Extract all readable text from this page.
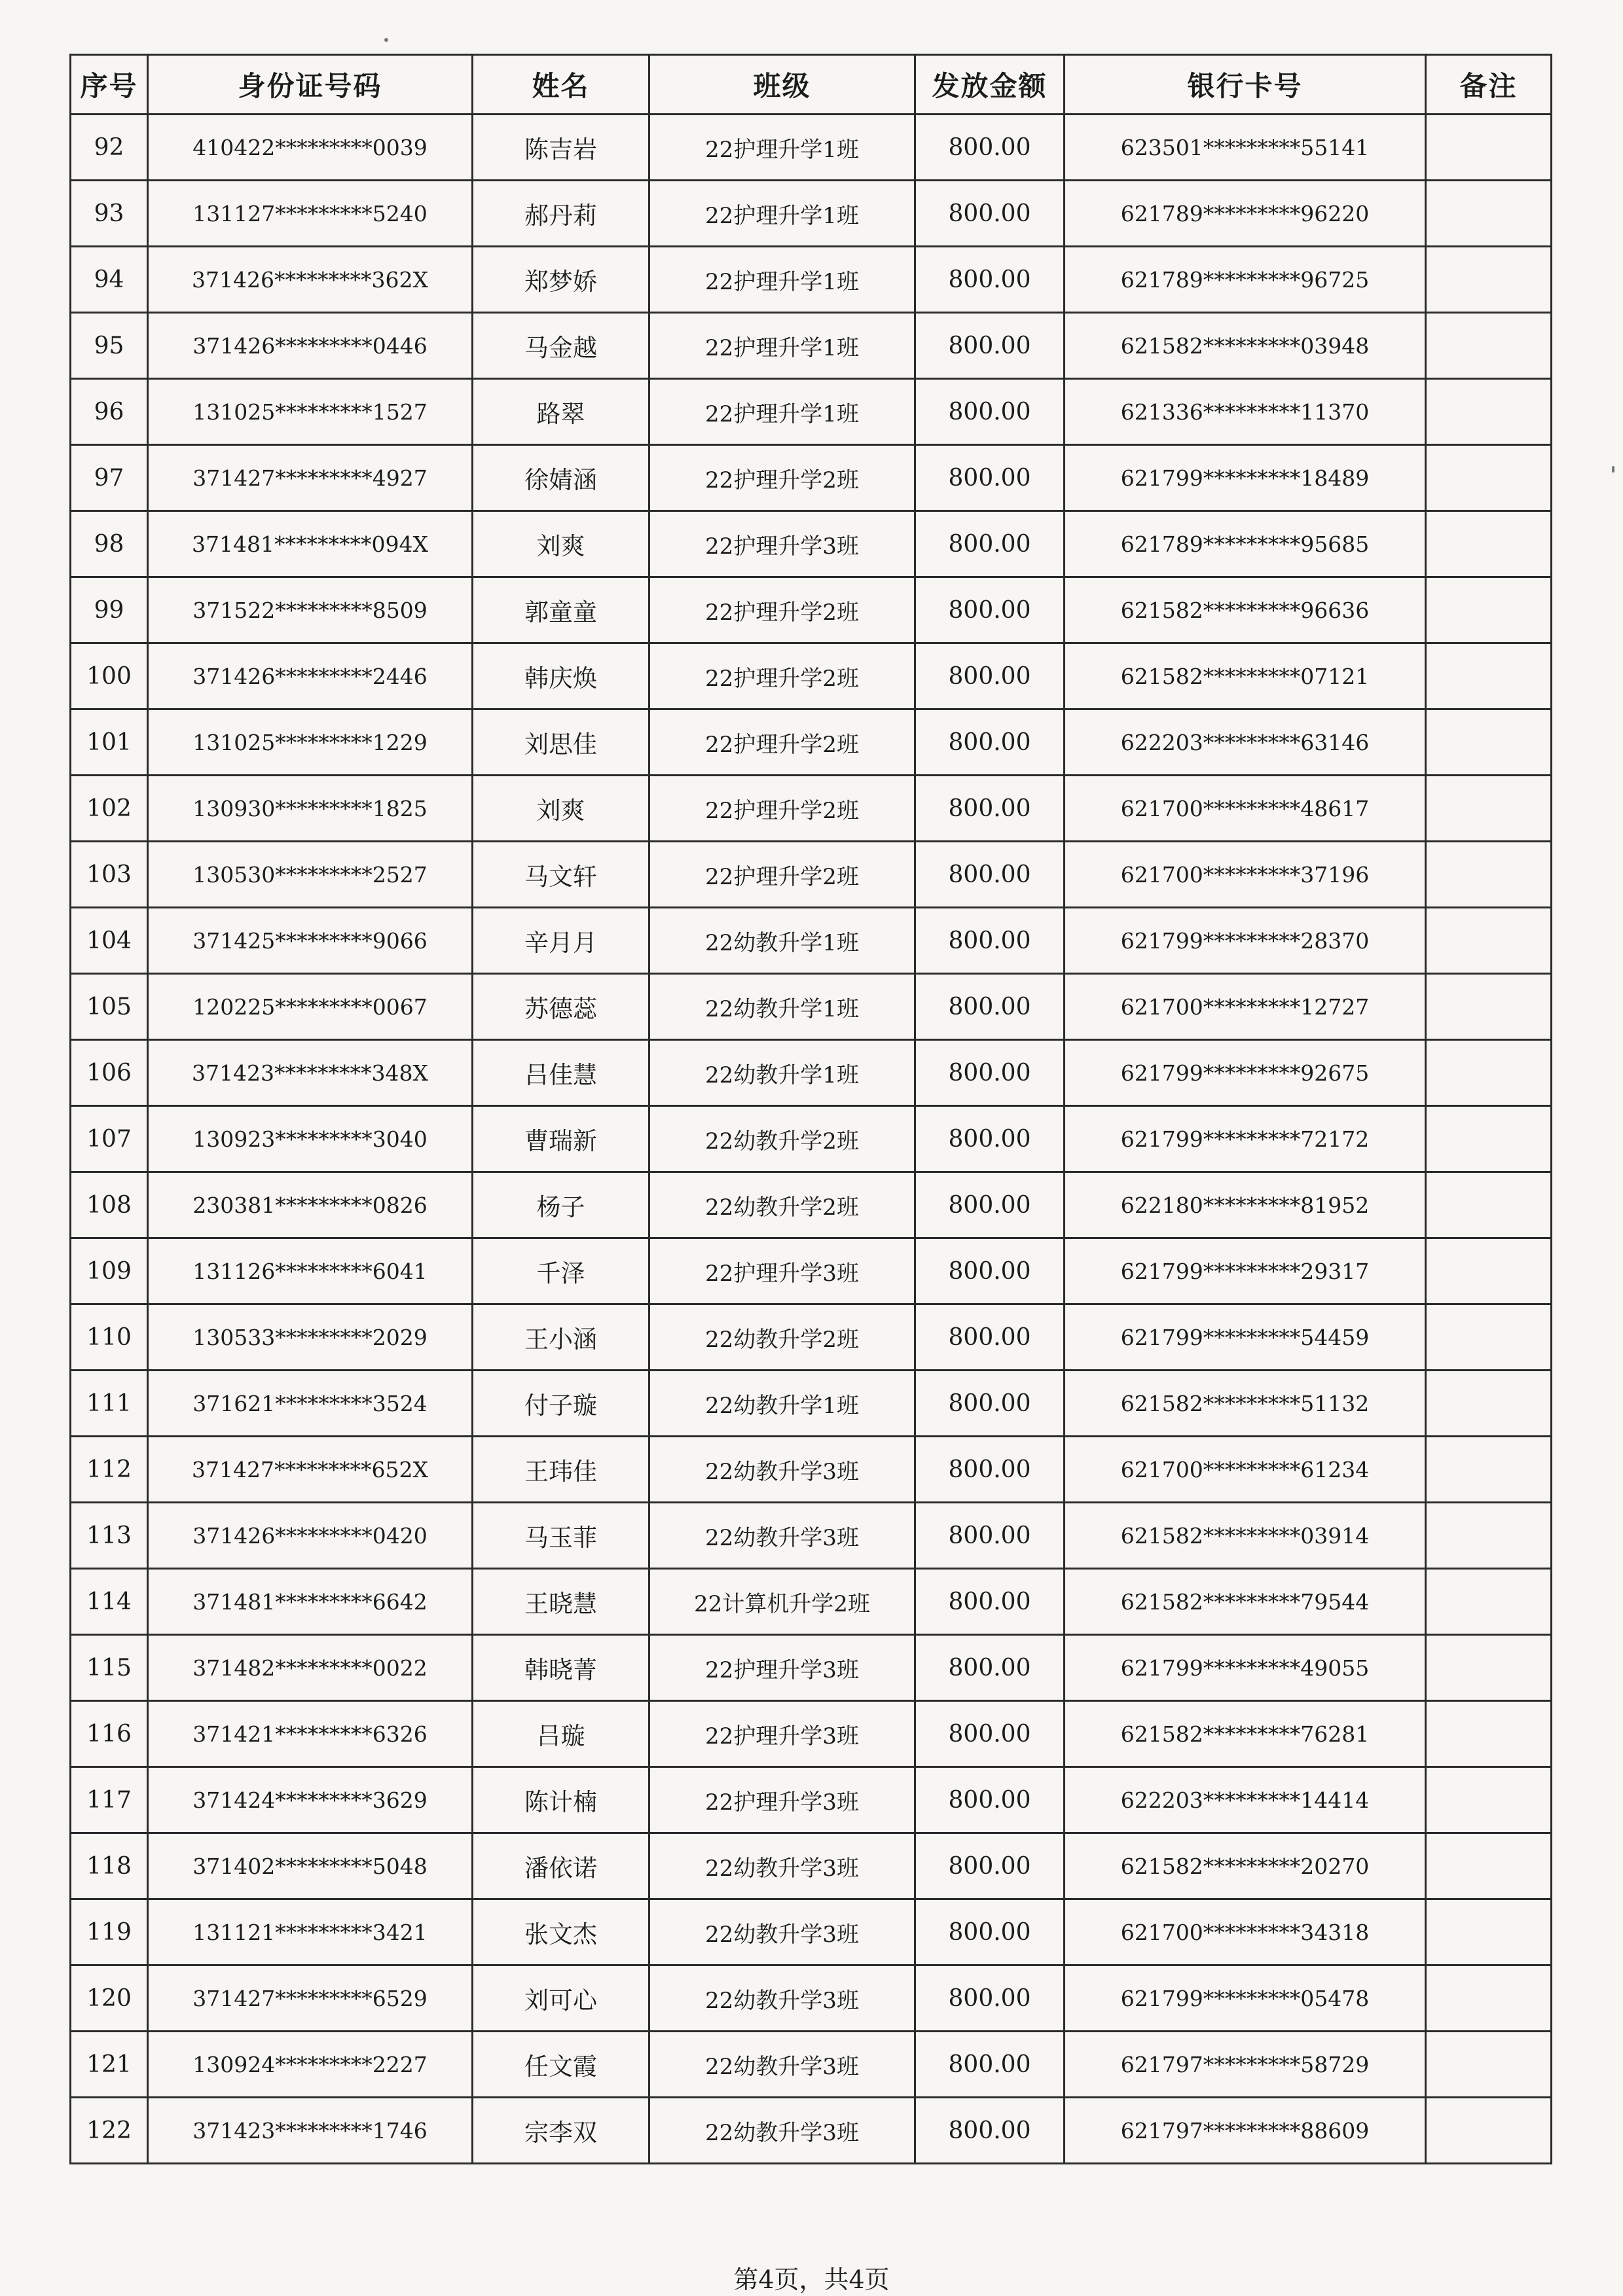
序号	身份证号码	姓名	班级	发放金额	银行卡号	备注
92	410422*********0039	陈吉岩	22护理升学1班	800.00	623501*********55141	
93	131127*********5240	郝丹莉	22护理升学1班	800.00	621789*********96220	
94	371426*********362X	郑梦娇	22护理升学1班	800.00	621789*********96725	
95	371426*********0446	马金越	22护理升学1班	800.00	621582*********03948	
96	131025*********1527	路翠	22护理升学1班	800.00	621336*********11370	
97	371427*********4927	徐婧涵	22护理升学2班	800.00	621799*********18489	
98	371481*********094X	刘爽	22护理升学3班	800.00	621789*********95685	
99	371522*********8509	郭童童	22护理升学2班	800.00	621582*********96636	
100	371426*********2446	韩庆焕	22护理升学2班	800.00	621582*********07121	
101	131025*********1229	刘思佳	22护理升学2班	800.00	622203*********63146	
102	130930*********1825	刘爽	22护理升学2班	800.00	621700*********48617	
103	130530*********2527	马文轩	22护理升学2班	800.00	621700*********37196	
104	371425*********9066	辛月月	22幼教升学1班	800.00	621799*********28370	
105	120225*********0067	苏德蕊	22幼教升学1班	800.00	621700*********12727	
106	371423*********348X	吕佳慧	22幼教升学1班	800.00	621799*********92675	
107	130923*********3040	曹瑞新	22幼教升学2班	800.00	621799*********72172	
108	230381*********0826	杨子	22幼教升学2班	800.00	622180*********81952	
109	131126*********6041	千泽	22护理升学3班	800.00	621799*********29317	
110	130533*********2029	王小涵	22幼教升学2班	800.00	621799*********54459	
111	371621*********3524	付子璇	22幼教升学1班	800.00	621582*********51132	
112	371427*********652X	王玮佳	22幼教升学3班	800.00	621700*********61234	
113	371426*********0420	马玉菲	22幼教升学3班	800.00	621582*********03914	
114	371481*********6642	王晓慧	22计算机升学2班	800.00	621582*********79544	
115	371482*********0022	韩晓菁	22护理升学3班	800.00	621799*********49055	
116	371421*********6326	吕璇	22护理升学3班	800.00	621582*********76281	
117	371424*********3629	陈计楠	22护理升学3班	800.00	622203*********14414	
118	371402*********5048	潘依诺	22幼教升学3班	800.00	621582*********20270	
119	131121*********3421	张文杰	22幼教升学3班	800.00	621700*********34318	
120	371427*********6529	刘可心	22幼教升学3班	800.00	621799*********05478	
121	130924*********2227	任文霞	22幼教升学3班	800.00	621797*********58729	
122	371423*********1746	宗李双	22幼教升学3班	800.00	621797*********88609	
第4页，共4页
